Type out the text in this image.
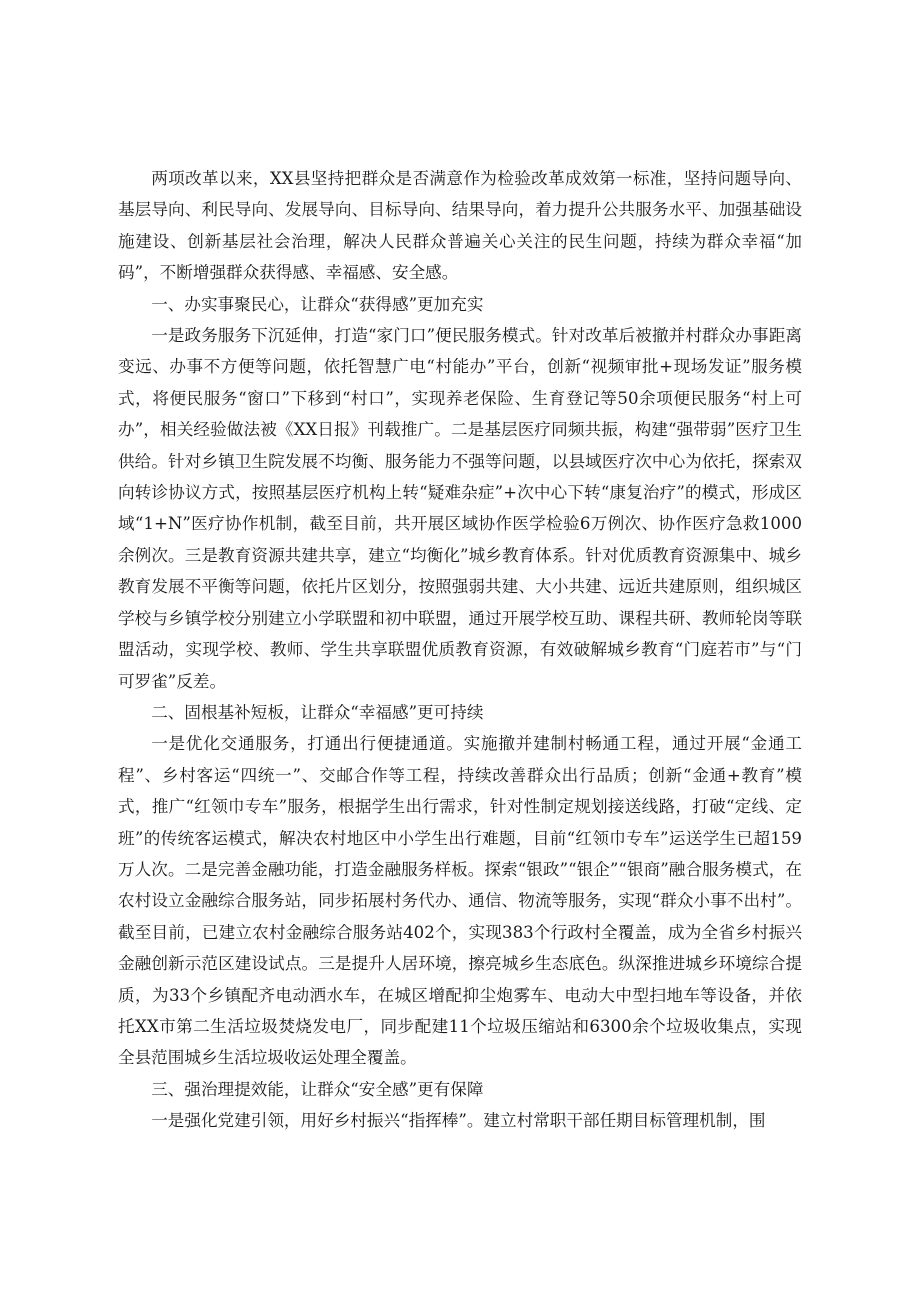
两项改革以来，XX县坚持把群众是否满意作为检验改革成效第一标准，坚持问题导向、基层导向、利民导向、发展导向、目标导向、结果导向，着力提升公共服务水平、加强基础设施建设、创新基层社会治理，解决人民群众普遍关心关注的民生问题，持续为群众幸福“加码”，不断增强群众获得感、幸福感、安全感。

一、办实事聚民心，让群众“获得感”更加充实

一是政务服务下沉延伸，打造“家门口”便民服务模式。针对改革后被撤并村群众办事距离变远、办事不方便等问题，依托智慧广电“村能办”平台，创新“视频审批+现场发证”服务模式，将便民服务“窗口”下移到“村口”，实现养老保险、生育登记等50余项便民服务“村上可办”，相关经验做法被《XX日报》刊载推广。二是基层医疗同频共振，构建“强带弱”医疗卫生供给。针对乡镇卫生院发展不均衡、服务能力不强等问题，以县域医疗次中心为依托，探索双向转诊协议方式，按照基层医疗机构上转“疑难杂症”+次中心下转“康复治疗”的模式，形成区域“1+N”医疗协作机制，截至目前，共开展区域协作医学检验6万例次、协作医疗急救1000余例次。三是教育资源共建共享，建立“均衡化”城乡教育体系。针对优质教育资源集中、城乡教育发展不平衡等问题，依托片区划分，按照强弱共建、大小共建、远近共建原则，组织城区学校与乡镇学校分别建立小学联盟和初中联盟，通过开展学校互助、课程共研、教师轮岗等联盟活动，实现学校、教师、学生共享联盟优质教育资源，有效破解城乡教育“门庭若市”与“门可罗雀”反差。

二、固根基补短板，让群众“幸福感”更可持续

一是优化交通服务，打通出行便捷通道。实施撤并建制村畅通工程，通过开展“金通工程”、乡村客运“四统一”、交邮合作等工程，持续改善群众出行品质；创新“金通+教育”模式，推广“红领巾专车”服务，根据学生出行需求，针对性制定规划接送线路，打破“定线、定班”的传统客运模式，解决农村地区中小学生出行难题，目前“红领巾专车”运送学生已超159万人次。二是完善金融功能，打造金融服务样板。探索“银政”“银企”“银商”融合服务模式，在农村设立金融综合服务站，同步拓展村务代办、通信、物流等服务，实现“群众小事不出村”。截至目前，已建立农村金融综合服务站402个，实现383个行政村全覆盖，成为全省乡村振兴金融创新示范区建设试点。三是提升人居环境，擦亮城乡生态底色。纵深推进城乡环境综合提质，为33个乡镇配齐电动洒水车，在城区增配抑尘炮雾车、电动大中型扫地车等设备，并依托XX市第二生活垃圾焚烧发电厂，同步配建11个垃圾压缩站和6300余个垃圾收集点，实现全县范围城乡生活垃圾收运处理全覆盖。

三、强治理提效能，让群众“安全感”更有保障

一是强化党建引领，用好乡村振兴“指挥棒”。建立村常职干部任期目标管理机制，围
